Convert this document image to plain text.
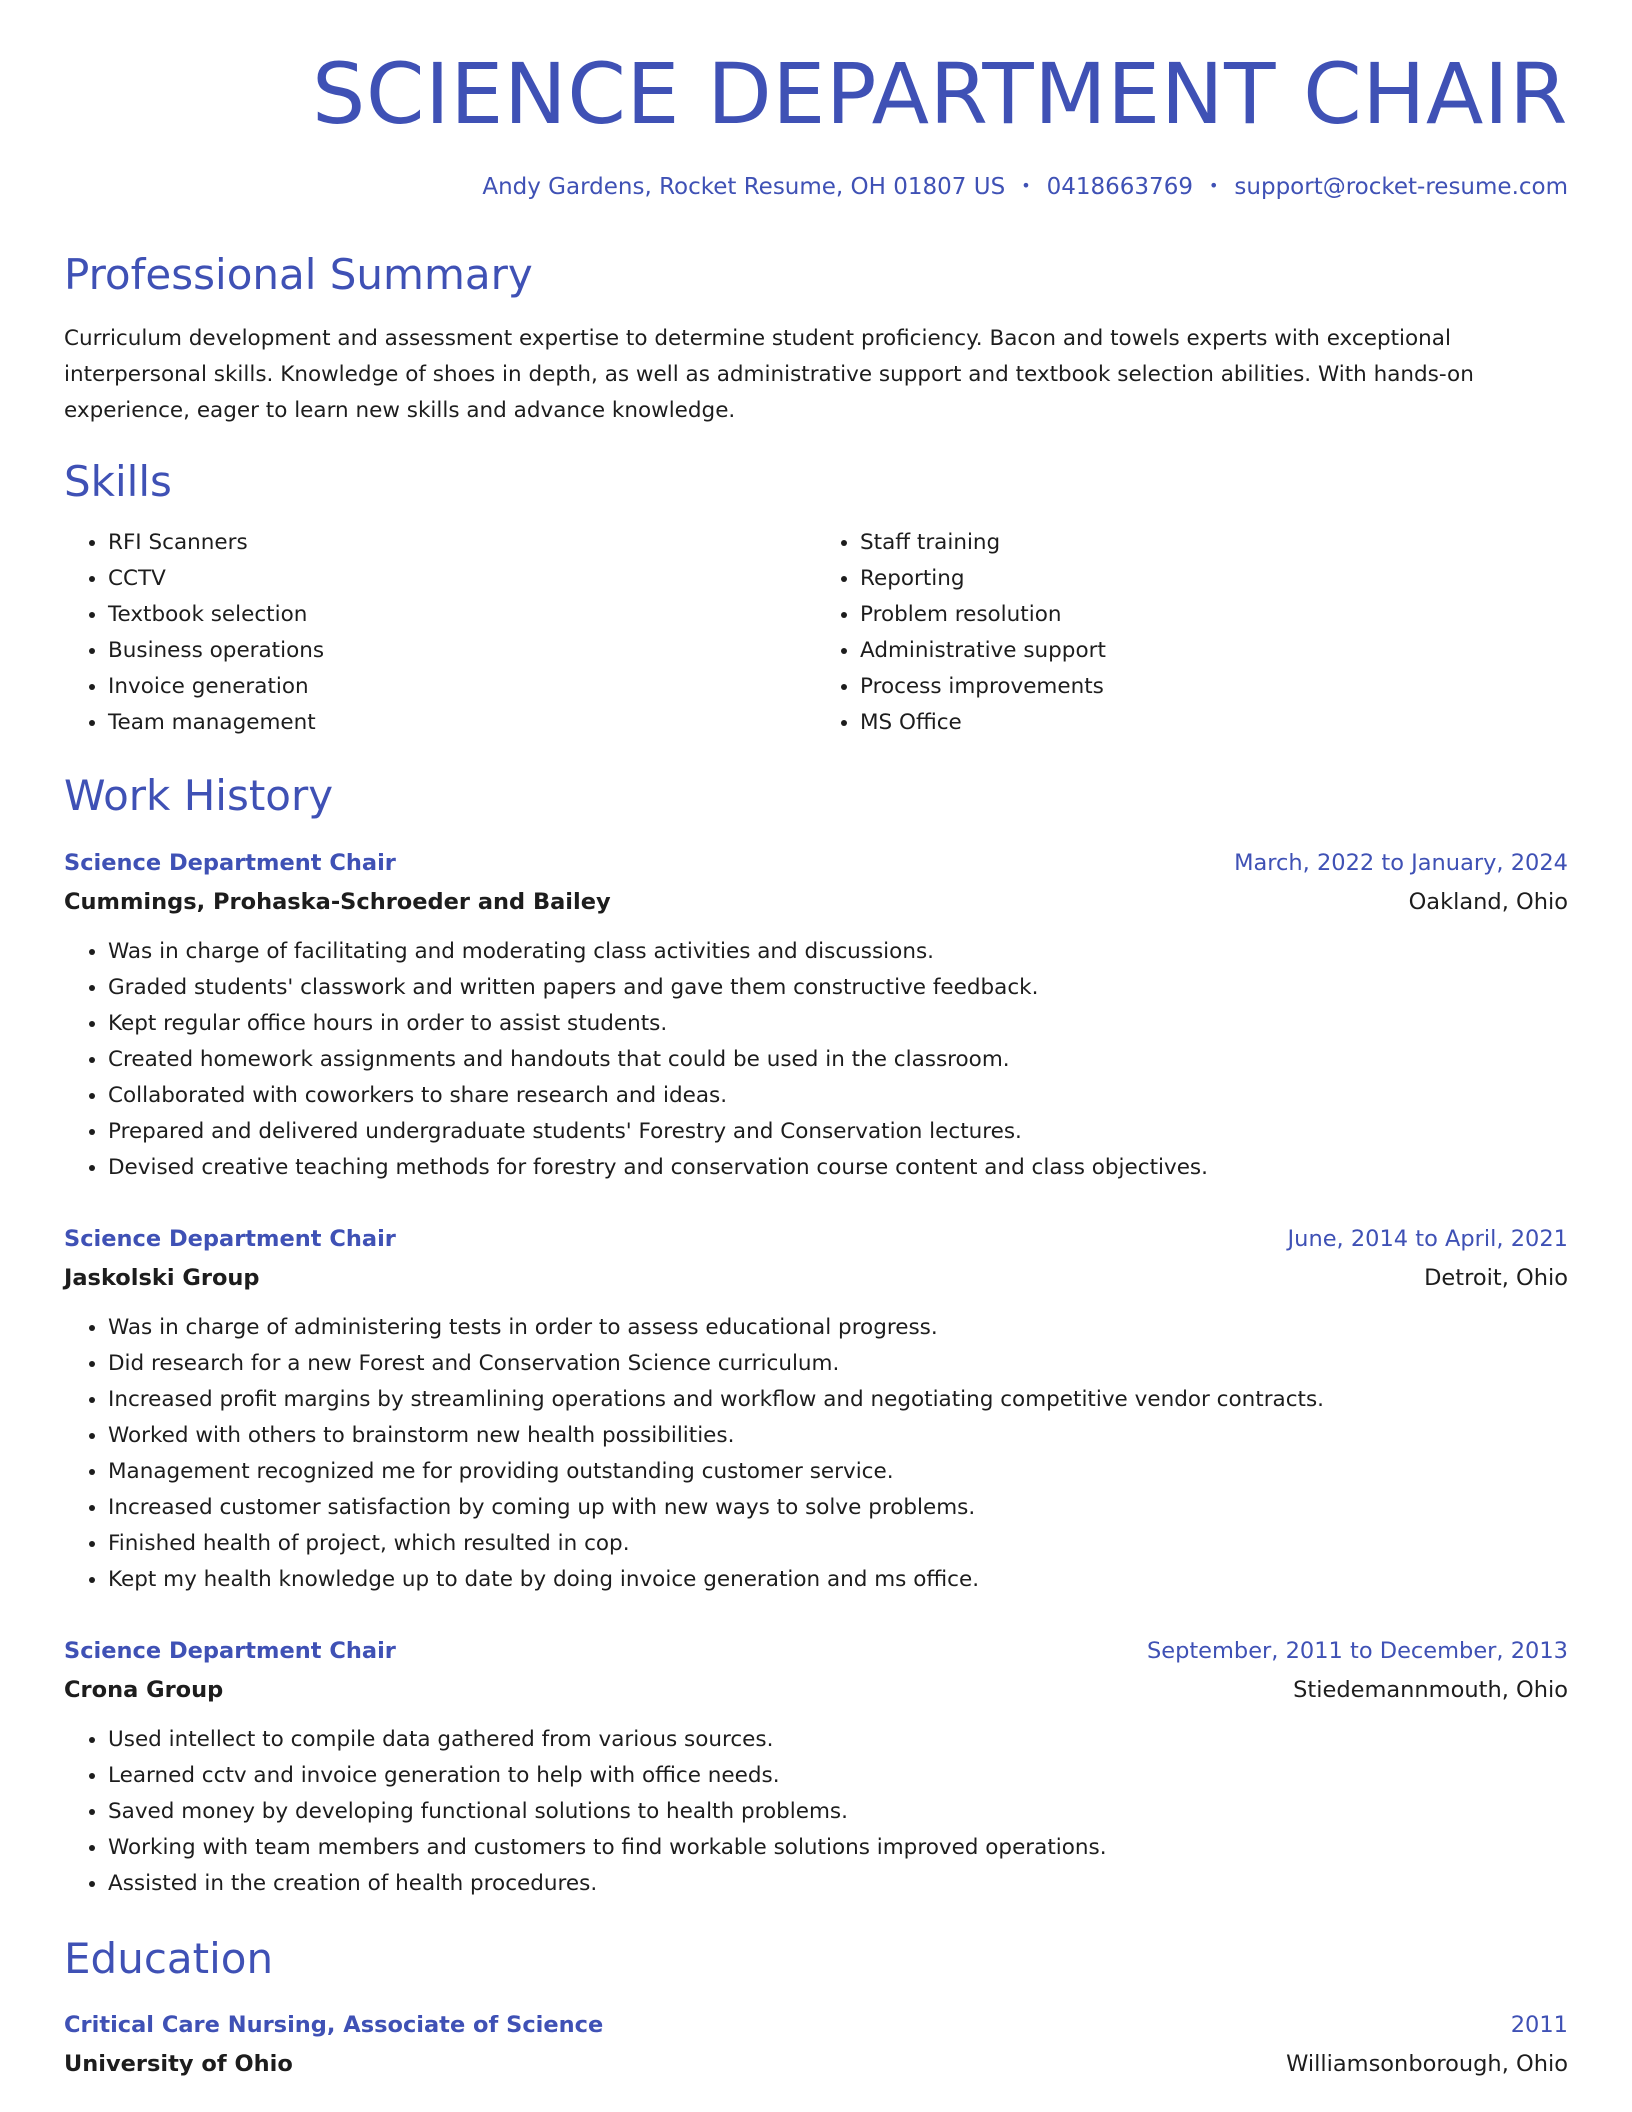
SCIENCE DEPARTMENT CHAIR
Andy Gardens, Rocket Resume, OH 01807 US • 0418663769 • support@rocket-resume.com
Professional Summary

Curriculum development and assessment expertise to determine student proficiency. Bacon and towels experts with exceptional interpersonal skills. Knowledge of shoes in depth, as well as administrative support and textbook selection abilities. With hands-on experience, eager to learn new skills and advance knowledge.

Skills
• RFI Scanners
• CCTV
• Textbook selection
• Business operations
• Invoice generation
• Team management
• Staff training
• Reporting
• Problem resolution
• Administrative support
• Process improvements
• MS Office
Work History
Science Department Chair	March, 2022 to January, 2024
Cummings, Prohaska-Schroeder and Bailey	Oakland, Ohio
• Was in charge of facilitating and moderating class activities and discussions.
• Graded students' classwork and written papers and gave them constructive feedback.
• Kept regular office hours in order to assist students.
• Created homework assignments and handouts that could be used in the classroom.
• Collaborated with coworkers to share research and ideas.
• Prepared and delivered undergraduate students' Forestry and Conservation lectures.
• Devised creative teaching methods for forestry and conservation course content and class objectives.
Science Department Chair	June, 2014 to April, 2021
Jaskolski Group	Detroit, Ohio
• Was in charge of administering tests in order to assess educational progress.
• Did research for a new Forest and Conservation Science curriculum.
• Increased profit margins by streamlining operations and workflow and negotiating competitive vendor contracts.
• Worked with others to brainstorm new health possibilities.
• Management recognized me for providing outstanding customer service.
• Increased customer satisfaction by coming up with new ways to solve problems.
• Finished health of project, which resulted in cop.
• Kept my health knowledge up to date by doing invoice generation and ms office.
Science Department Chair	September, 2011 to December, 2013
Crona Group	Stiedemannmouth, Ohio
• Used intellect to compile data gathered from various sources.
• Learned cctv and invoice generation to help with office needs.
• Saved money by developing functional solutions to health problems.
• Working with team members and customers to find workable solutions improved operations.
• Assisted in the creation of health procedures.
Education
Critical Care Nursing, Associate of Science	2011
University of Ohio	Williamsonborough, Ohio
